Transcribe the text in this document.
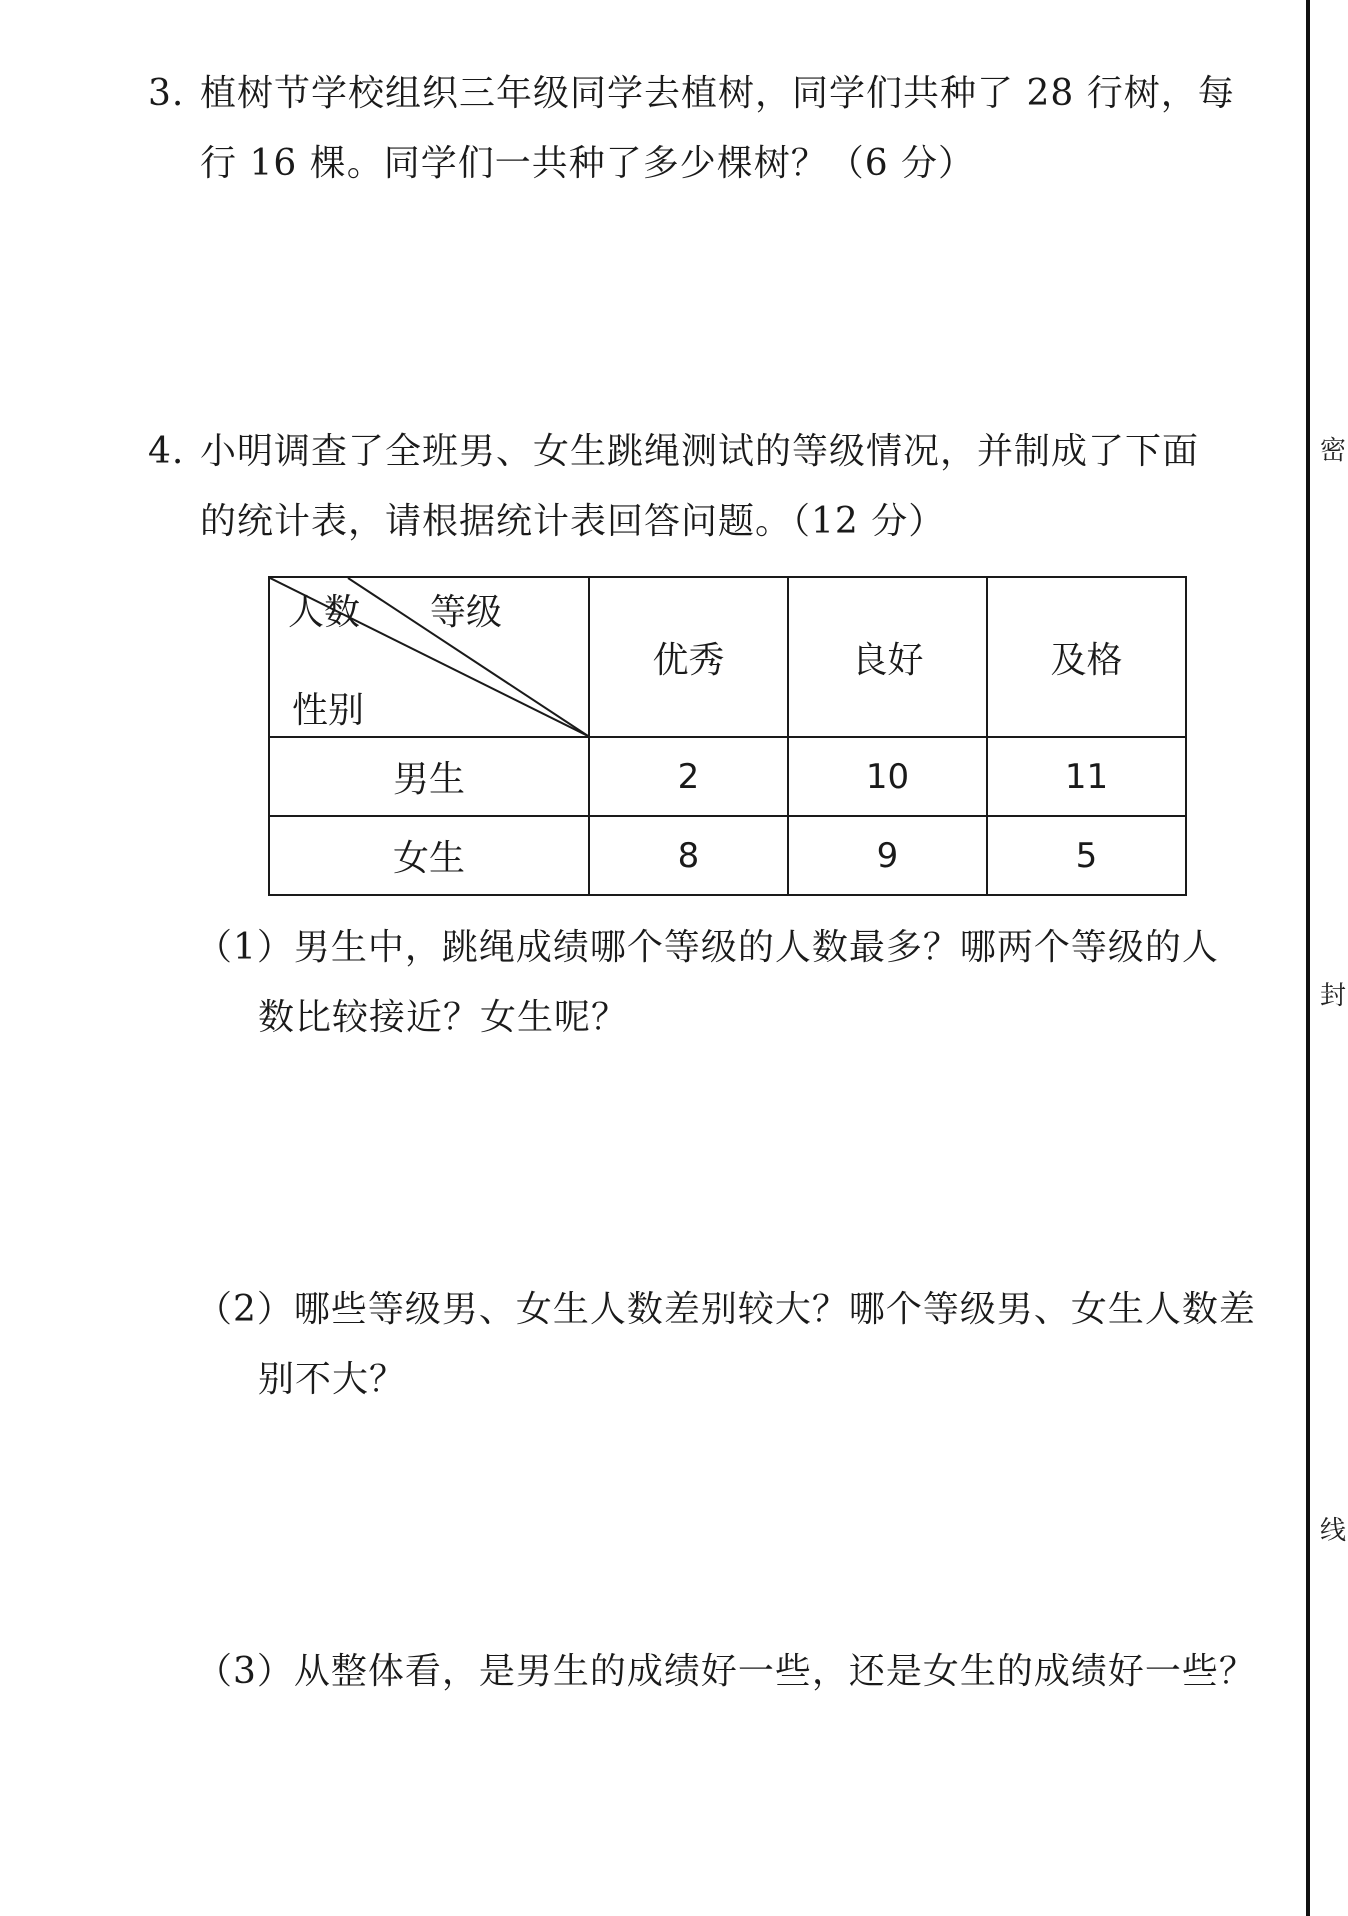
3. 植树节学校组织三年级同学去植树，同学们共种了 28 行树，每
行 16 棵。同学们一共种了多少棵树？（6 分）
4. 小明调查了全班男、女生跳绳测试的等级情况，并制成了下面
的统计表，请根据统计表回答问题。（12 分）
人数 等级
性别	优秀	良好	及格
男生	2	10	11
女生	8	9	5
（1）男生中，跳绳成绩哪个等级的人数最多？哪两个等级的人
数比较接近？女生呢？
（2）哪些等级男、女生人数差别较大？哪个等级男、女生人数差
别不大？
（3）从整体看，是男生的成绩好一些，还是女生的成绩好一些？
密
封
线
